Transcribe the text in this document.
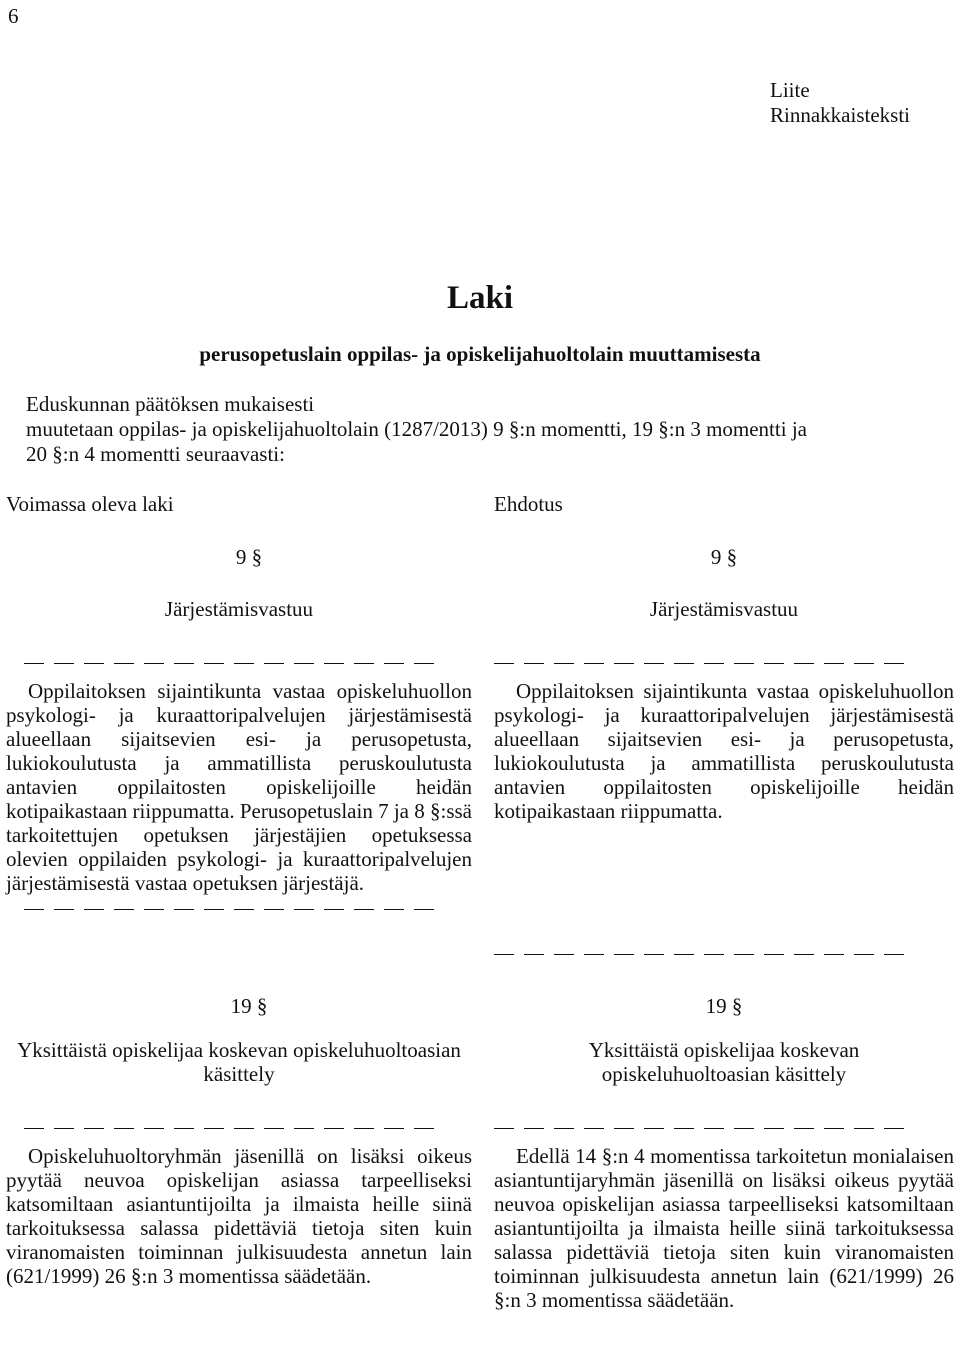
6
Liite
Rinnakkaisteksti
Laki
perusopetuslain oppilas- ja opiskelijahuoltolain muuttamisesta
Eduskunnan päätöksen mukaisesti
muutetaan oppilas- ja opiskelijahuoltolain (1287/2013) 9 §:n momentti, 19 §:n 3 momentti ja
20 §:n 4 momentti seuraavasti:
Voimassa oleva laki	Ehdotus
9 §
Järjestämisvastuu
Oppilaitoksen sijaintikunta vastaa opiskeluhuollon psykologi- ja kuraattoripalvelujen järjestämisestä alueellaan sijaitsevien esi- ja perusopetusta, lukiokoulutusta ja ammatillista peruskoulutusta antavien oppilaitosten opiskelijoille heidän kotipaikastaan riippumatta. Perusopetuslain 7 ja 8 §:ssä tarkoitettujen opetuksen järjestäjien opetuksessa olevien oppilaiden psykologi- ja kuraattoripalvelujen järjestämisestä vastaa opetuksen järjestäjä.
19 §
Yksittäistä opiskelijaa koskevan opiskeluhuoltoasian käsittely
Opiskeluhuoltoryhmän jäsenillä on lisäksi oikeus pyytää neuvoa opiskelijan asiassa tarpeelliseksi katsomiltaan asiantuntijoilta ja ilmaista heille siinä tarkoituksessa salassa pidettäviä tietoja siten kuin viranomaisten toiminnan julkisuudesta annetun lain (621/1999) 26 §:n 3 momentissa säädetään.
9 §
Järjestämisvastuu
Oppilaitoksen sijaintikunta vastaa opiskeluhuollon psykologi- ja kuraattoripalvelujen järjestämisestä alueellaan sijaitsevien esi- ja perusopetusta, lukiokoulutusta ja ammatillista peruskoulutusta antavien oppilaitosten opiskelijoille heidän kotipaikastaan riippumatta.
19 §
Yksittäistä opiskelijaa koskevan opiskeluhuoltoasian käsittely
Edellä 14 §:n 4 momentissa tarkoitetun monialaisen asiantuntijaryhmän jäsenillä on lisäksi oikeus pyytää neuvoa opiskelijan asiassa tarpeelliseksi katsomiltaan asiantuntijoilta ja ilmaista heille siinä tarkoituksessa salassa pidettäviä tietoja siten kuin viranomaisten toiminnan julkisuudesta annetun lain (621/1999) 26 §:n 3 momentissa säädetään.
